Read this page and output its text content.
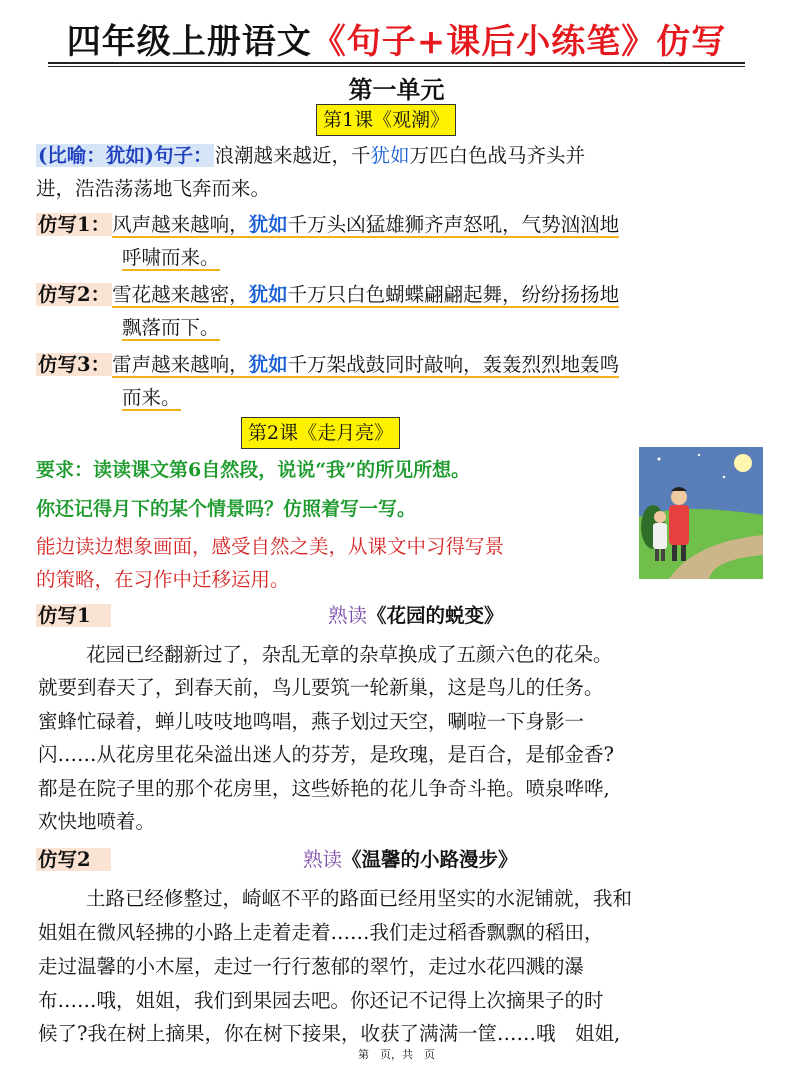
四年级上册语文《句子+课后小练笔》仿写
第一单元
第1课《观潮》
(比喻：犹如)句子： 浪潮越来越近，千犹如万匹白色战马齐头并
进，浩浩荡荡地飞奔而来。
仿写1： 风声越来越响，犹如千万头凶猛雄狮齐声怒吼，气势汹汹地
呼啸而来。
仿写2： 雪花越来越密，犹如千万只白色蝴蝶翩翩起舞，纷纷扬扬地
飘落而下。
仿写3： 雷声越来越响，犹如千万架战鼓同时敲响，轰轰烈烈地轰鸣
而来。
第2课《走月亮》
要求：读读课文第6自然段，说说“我”的所见所想。
你还记得月下的某个情景吗？仿照着写一写。
能边读边想象画面，感受自然之美，从课文中习得写景
的策略，在习作中迁移运用。
仿写1	熟读《花园的蜕变》
花园已经翻新过了，杂乱无章的杂草换成了五颜六色的花朵。
就要到春天了，到春天前，鸟儿要筑一轮新巢，这是鸟儿的任务。
蜜蜂忙碌着，蝉儿吱吱地鸣唱，燕子划过天空，唰啦一下身影一
闪……从花房里花朵溢出迷人的芬芳，是玫瑰，是百合，是郁金香?
都是在院子里的那个花房里，这些娇艳的花儿争奇斗艳。喷泉哗哗,
欢快地喷着。
仿写2	熟读《温馨的小路漫步》
土路已经修整过，崎岖不平的路面已经用坚实的水泥铺就，我和
姐姐在微风轻拂的小路上走着走着……我们走过稻香飘飘的稻田，
走过温馨的小木屋，走过一行行葱郁的翠竹，走过水花四溅的瀑
布……哦，姐姐，我们到果园去吧。你还记不记得上次摘果子的时
候了?我在树上摘果，你在树下接果，收获了满满一筐……哦　姐姐,
第　页，共　页
